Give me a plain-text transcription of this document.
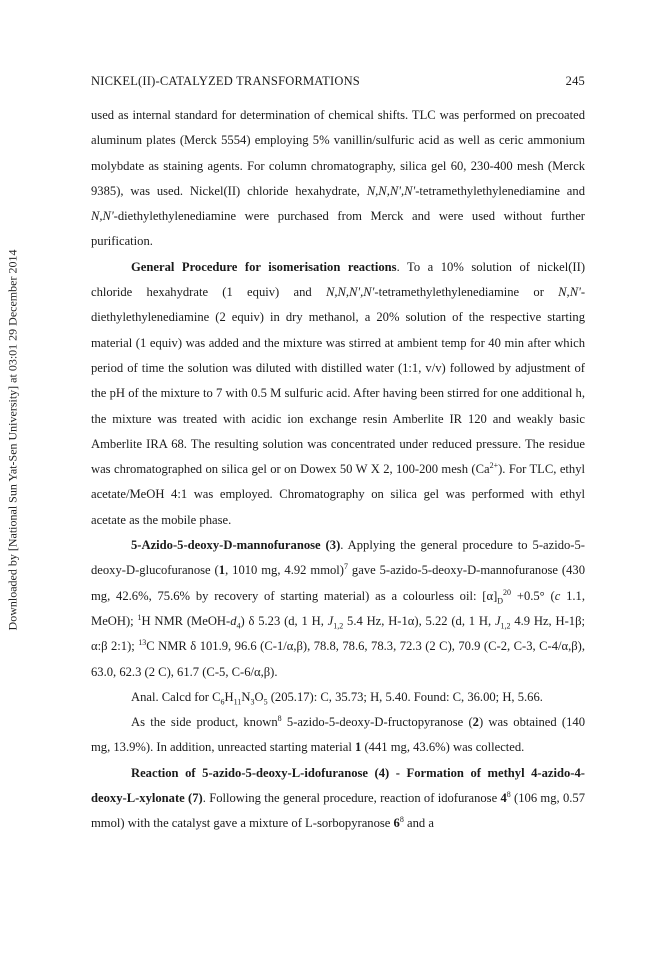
Downloaded by [National Sun Yat-Sen University] at 03:01 29 December 2014
NICKEL(II)-CATALYZED TRANSFORMATIONS	245

used as internal standard for determination of chemical shifts. TLC was performed on precoated aluminum plates (Merck 5554) employing 5% vanillin/sulfuric acid as well as ceric ammonium molybdate as staining agents. For column chromatography, silica gel 60, 230-400 mesh (Merck 9385), was used. Nickel(II) chloride hexahydrate, N,N,N',N'-tetramethylethylenediamine and N,N'-diethylethylenediamine were purchased from Merck and were used without further purification.

General Procedure for isomerisation reactions. To a 10% solution of nickel(II) chloride hexahydrate (1 equiv) and N,N,N',N'-tetramethylethylenediamine or N,N'-diethylethylenediamine (2 equiv) in dry methanol, a 20% solution of the respective starting material (1 equiv) was added and the mixture was stirred at ambient temp for 40 min after which period of time the solution was diluted with distilled water (1:1, v/v) followed by adjustment of the pH of the mixture to 7 with 0.5 M sulfuric acid. After having been stirred for one additional h, the mixture was treated with acidic ion exchange resin Amberlite IR 120 and weakly basic Amberlite IRA 68. The resulting solution was concentrated under reduced pressure. The residue was chromatographed on silica gel or on Dowex 50 W X 2, 100-200 mesh $(Ca^{2+})$. For TLC, ethyl acetate/MeOH 4:1 was employed. Chromatography on silica gel was performed with ethyl acetate as the mobile phase.

5-Azido-5-deoxy-D-mannofuranose (3). Applying the general procedure to 5-azido-5-deoxy-D-glucofuranose (1, 1010 mg, 4.92 mmol)$^7$ gave 5-azido-5-deoxy-D-mannofuranose (430 mg, 42.6%, 75.6% by recovery of starting material) as a colourless oil: $[\alpha]_D^{20} +0.5^\circ$ (c 1.1, MeOH); $^1$H NMR $(MeOH-d_4)$ δ 5.23 (d, 1 H, $J_{1,2}$ 5.4 Hz, H-1α), 5.22 (d, 1 H, $J_{1,2}$ 4.9 Hz, H-1β; α:β 2:1); $^{13}$C NMR δ 101.9, 96.6 (C-1/α,β), 78.8, 78.6, 78.3, 72.3 (2 C), 70.9 (C-2, C-3, C-4/α,β), 63.0, 62.3 (2 C), 61.7 (C-5, C-6/α,β).

Anal. Calcd for $C_6H_{11}N_3O_5$ (205.17): C, 35.73; H, 5.40. Found: C, 36.00; H, 5.66.

As the side product, known$^8$ 5-azido-5-deoxy-D-fructopyranose (2) was obtained (140 mg, 13.9%). In addition, unreacted starting material 1 (441 mg, 43.6%) was collected.

Reaction of 5-azido-5-deoxy-L-idofuranose (4) - Formation of methyl 4-azido-4-deoxy-L-xylonate (7). Following the general procedure, reaction of idofuranose $4^8$ (106 mg, 0.57 mmol) with the catalyst gave a mixture of L-sorbopyranose $6^8$ and a
